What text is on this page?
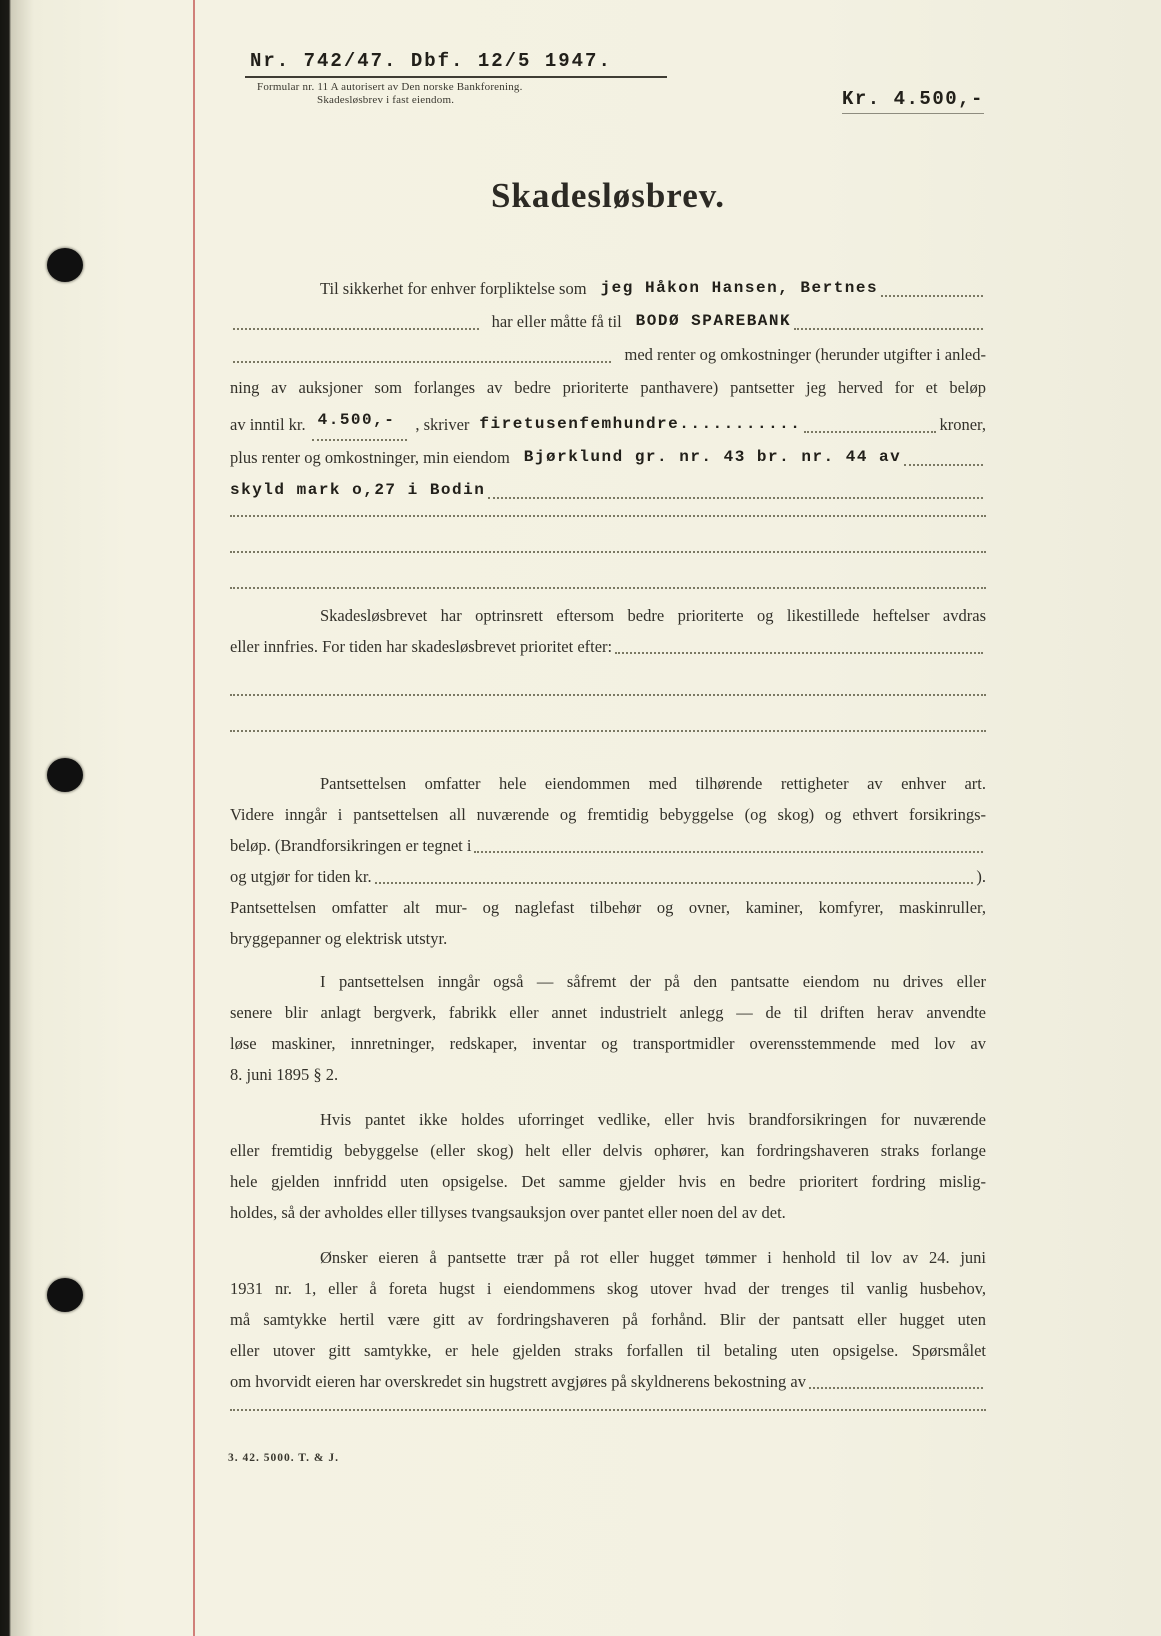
Nr. 742/47. Dbf. 12/5 1947.
Formular nr. 11 A autorisert av Den norske Bankforening.
Skadesløsbrev i fast eiendom.	Kr. 4.500,-
Skadesløsbrev.
Til sikkerhet for enhver forpliktelse som jeg Håkon Hansen, Bertnes
har eller måtte få til BODØ SPAREBANK
med renter og omkostninger (herunder utgifter i anled-
ning av auksjoner som forlanges av bedre prioriterte panthavere) pantsetter jeg herved for et beløp
av inntil kr. 4.500,-	, skriver firetusenfemhundre...........	kroner,
plus renter og omkostninger, min eiendom Bjørklund gr. nr. 43 br. nr. 44 av
skyld mark o,27 i Bodin
Skadesløsbrevet har optrinsrett eftersom bedre prioriterte og likestillede heftelser avdras
eller innfries. For tiden har skadesløsbrevet prioritet efter:
Pantsettelsen omfatter hele eiendommen med tilhørende rettigheter av enhver art.
Videre inngår i pantsettelsen all nuværende og fremtidig bebyggelse (og skog) og ethvert forsikrings-
beløp. (Brandforsikringen er tegnet i
og utgjør for tiden kr.	).
Pantsettelsen omfatter alt mur- og naglefast tilbehør og ovner, kaminer, komfyrer, maskinruller,
bryggepanner og elektrisk utstyr.
I pantsettelsen inngår også — såfremt der på den pantsatte eiendom nu drives eller
senere blir anlagt bergverk, fabrikk eller annet industrielt anlegg — de til driften herav anvendte
løse maskiner, innretninger, redskaper, inventar og transportmidler overensstemmende med lov av
8. juni 1895 § 2.
Hvis pantet ikke holdes uforringet vedlike, eller hvis brandforsikringen for nuværende
eller fremtidig bebyggelse (eller skog) helt eller delvis ophører, kan fordringshaveren straks forlange
hele gjelden innfridd uten opsigelse. Det samme gjelder hvis en bedre prioritert fordring mislig-
holdes, så der avholdes eller tillyses tvangsauksjon over pantet eller noen del av det.
Ønsker eieren å pantsette trær på rot eller hugget tømmer i henhold til lov av 24. juni
1931 nr. 1, eller å foreta hugst i eiendommens skog utover hvad der trenges til vanlig husbehov,
må samtykke hertil være gitt av fordringshaveren på forhånd. Blir der pantsatt eller hugget uten
eller utover gitt samtykke, er hele gjelden straks forfallen til betaling uten opsigelse. Spørsmålet
om hvorvidt eieren har overskredet sin hugstrett avgjøres på skyldnerens bekostning av
3. 42. 5000. T. & J.
